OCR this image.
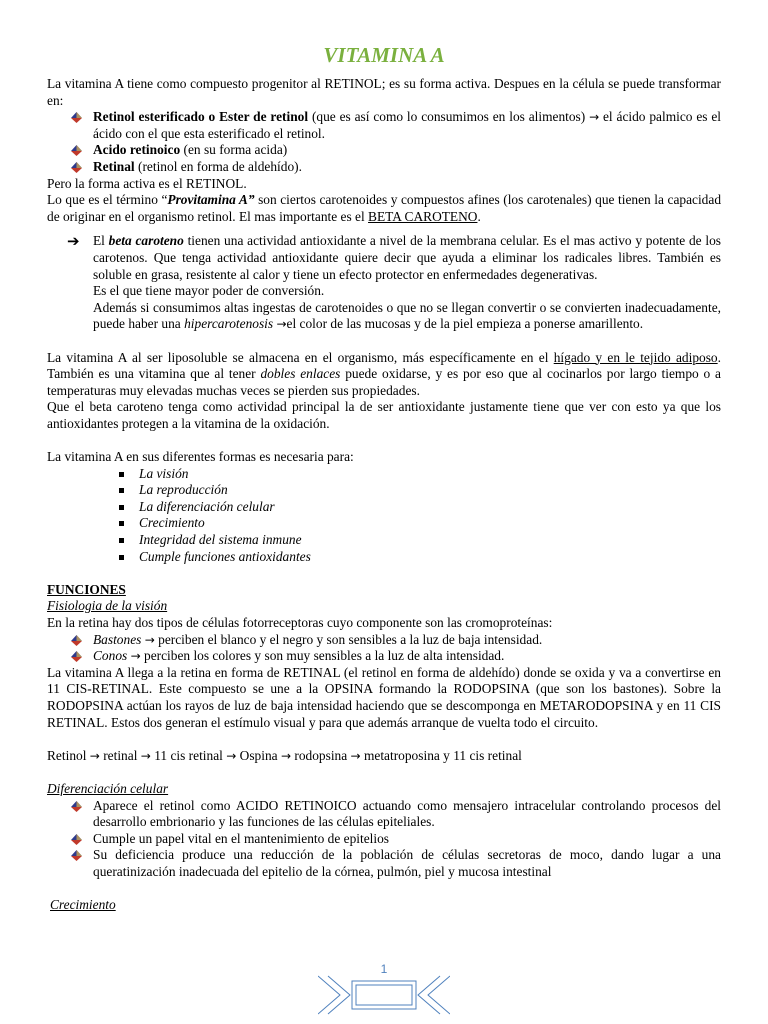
VITAMINA A

La vitamina A tiene como compuesto progenitor al RETINOL; es su forma activa. Despues en la célula se puede transformar en:

Retinol esterificado o Ester de retinol (que es así como lo consumimos en los alimentos) → el ácido palmico es el ácido con el que esta esterificado el retinol.
Acido retinoico (en su forma acida)
Retinal (retinol en forma de aldehído).

Pero la forma activa es el RETINOL.

Lo que es el término “Provitamina A” son ciertos carotenoides y compuestos afines (los carotenales) que tienen la capacidad de originar en el organismo retinol. El mas importante es el BETA CAROTENO.

➔ El beta caroteno tienen una actividad antioxidante a nivel de la membrana celular. Es el mas activo y potente de los carotenos. Que tenga actividad antioxidante quiere decir que ayuda a eliminar los radicales libres. También es soluble en grasa, resistente al calor y tiene un efecto protector en enfermedades degenerativas.
Es el que tiene mayor poder de conversión.
Además si consumimos altas ingestas de carotenoides o que no se llegan convertir o se convierten inadecuadamente, puede haber una hipercarotenosis →el color de las mucosas y de la piel empieza a ponerse amarillento.

La vitamina A al ser liposoluble se almacena en el organismo, más específicamente en el hígado y en le tejido adiposo. También es una vitamina que al tener dobles enlaces puede oxidarse, y es por eso que al cocinarlos por largo tiempo o a temperaturas muy elevadas muchas veces se pierden sus propiedades.

Que el beta caroteno tenga como actividad principal la de ser antioxidante justamente tiene que ver con esto ya que los antioxidantes protegen a la vitamina de la oxidación.

La vitamina A en sus diferentes formas es necesaria para:

La visión
La reproducción
La diferenciación celular
Crecimiento
Integridad del sistema inmune
Cumple funciones antioxidantes

FUNCIONES

Fisiologia de la visión

En la retina hay dos tipos de células fotorreceptoras cuyo componente son las cromoproteínas:

Bastones → perciben el blanco y el negro y son sensibles a la luz de baja intensidad.
Conos → perciben los colores y son muy sensibles a la luz de alta intensidad.

La vitamina A llega a la retina en forma de RETINAL (el retinol en forma de aldehído) donde se oxida y va a convertirse en 11 CIS-RETINAL. Este compuesto se une a la OPSINA formando la RODOPSINA (que son los bastones). Sobre la RODOPSINA actúan los rayos de luz de baja intensidad haciendo que se descomponga en METARODOPSINA y en 11 CIS RETINAL. Estos dos generan el estímulo visual y para que además arranque de vuelta todo el circuito.

Retinol → retinal → 11 cis retinal → Ospina → rodopsina → metatroposina y 11 cis retinal

Diferenciación celular

Aparece el retinol como ACIDO RETINOICO actuando como mensajero intracelular controlando procesos del desarrollo embrionario y las funciones de las células epiteliales.
Cumple un papel vital en el mantenimiento de epitelios
Su deficiencia produce una reducción de la población de células secretoras de moco, dando lugar a una queratinización inadecuada del epitelio de la córnea, pulmón, piel y mucosa intestinal

Crecimiento

1
